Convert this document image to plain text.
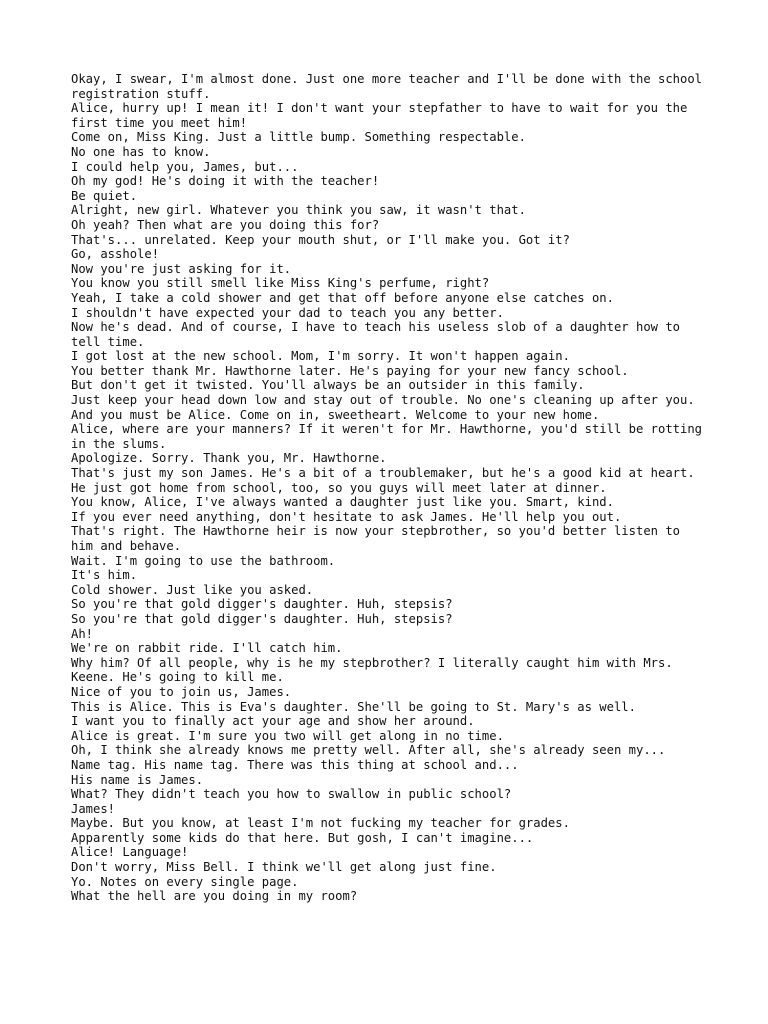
Okay, I swear, I'm almost done. Just one more teacher and I'll be done with the school registration stuff.

Alice, hurry up! I mean it! I don't want your stepfather to have to wait for you the first time you meet him!

Come on, Miss King. Just a little bump. Something respectable.

No one has to know.

I could help you, James, but...

Oh my god! He's doing it with the teacher!

Be quiet.

Alright, new girl. Whatever you think you saw, it wasn't that.

Oh yeah? Then what are you doing this for?

That's... unrelated. Keep your mouth shut, or I'll make you. Got it?

Go, asshole!

Now you're just asking for it.

You know you still smell like Miss King's perfume, right?

Yeah, I take a cold shower and get that off before anyone else catches on.

I shouldn't have expected your dad to teach you any better.

Now he's dead. And of course, I have to teach his useless slob of a daughter how to tell time.

I got lost at the new school. Mom, I'm sorry. It won't happen again.

You better thank Mr. Hawthorne later. He's paying for your new fancy school.

But don't get it twisted. You'll always be an outsider in this family.

Just keep your head down low and stay out of trouble. No one's cleaning up after you.

And you must be Alice. Come on in, sweetheart. Welcome to your new home.

Alice, where are your manners? If it weren't for Mr. Hawthorne, you'd still be rotting in the slums.

Apologize. Sorry. Thank you, Mr. Hawthorne.

That's just my son James. He's a bit of a troublemaker, but he's a good kid at heart.

He just got home from school, too, so you guys will meet later at dinner.

You know, Alice, I've always wanted a daughter just like you. Smart, kind.

If you ever need anything, don't hesitate to ask James. He'll help you out.

That's right. The Hawthorne heir is now your stepbrother, so you'd better listen to him and behave.

Wait. I'm going to use the bathroom.

It's him.

Cold shower. Just like you asked.

So you're that gold digger's daughter. Huh, stepsis?

So you're that gold digger's daughter. Huh, stepsis?

Ah!

We're on rabbit ride. I'll catch him.

Why him? Of all people, why is he my stepbrother? I literally caught him with Mrs. Keene. He's going to kill me.

Nice of you to join us, James.

This is Alice. This is Eva's daughter. She'll be going to St. Mary's as well.

I want you to finally act your age and show her around.

Alice is great. I'm sure you two will get along in no time.

Oh, I think she already knows me pretty well. After all, she's already seen my...

Name tag. His name tag. There was this thing at school and...

His name is James.

What? They didn't teach you how to swallow in public school?

James!

Maybe. But you know, at least I'm not fucking my teacher for grades.

Apparently some kids do that here. But gosh, I can't imagine...

Alice! Language!

Don't worry, Miss Bell. I think we'll get along just fine.

Yo. Notes on every single page.

What the hell are you doing in my room?
